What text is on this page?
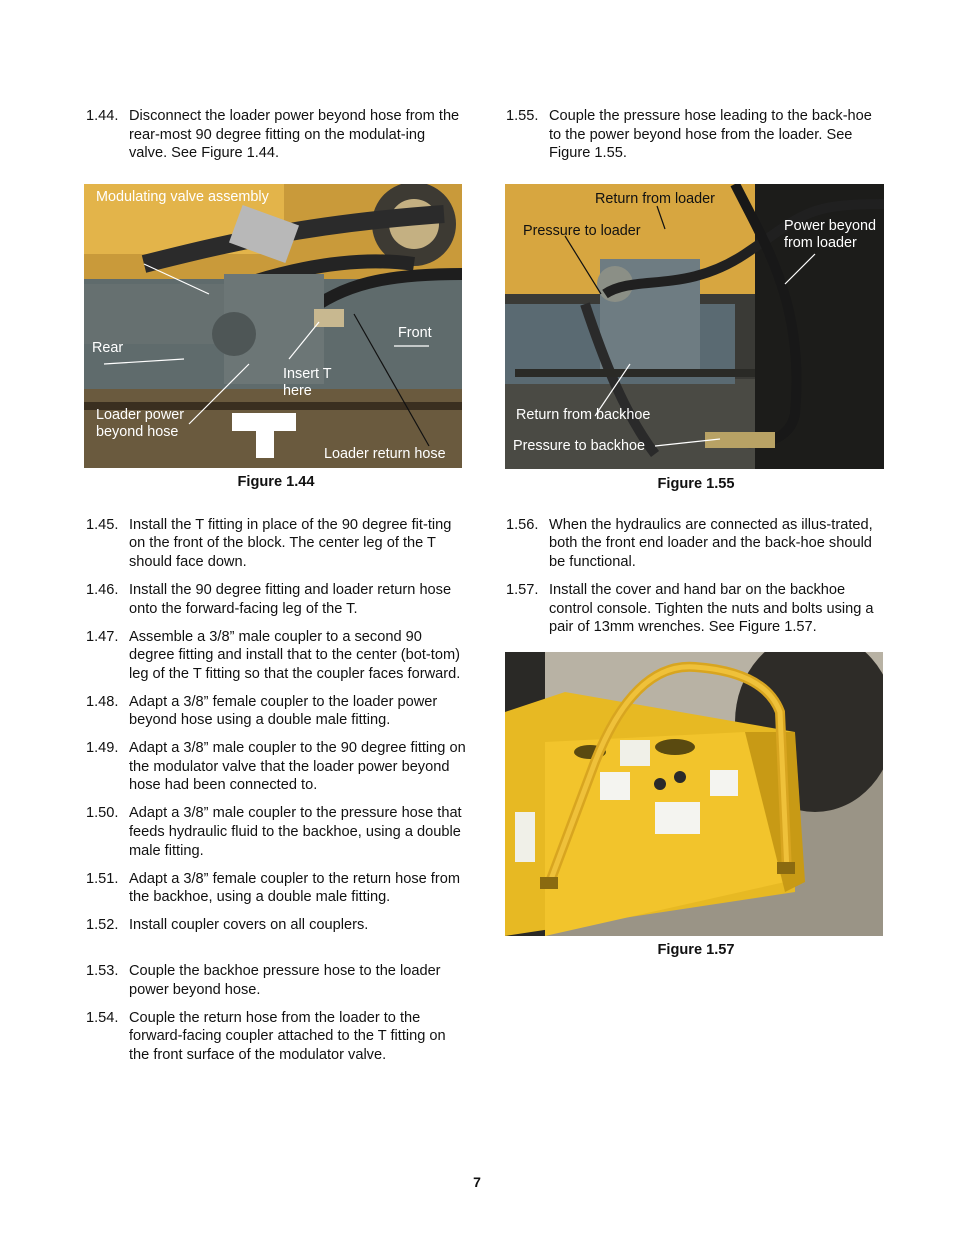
1.44. Disconnect the loader power beyond hose from the rear-most 90 degree fitting on the modulat-ing valve. See Figure 1.44.
Modulating valve assembly
Rear
Front
Insert T here
Loader power beyond hose
Loader return hose
Figure 1.44
1.45. Install the T fitting in place of the 90 degree fit-ting on the front of the block. The center leg of the T should face down.
1.46. Install the 90 degree fitting and loader return hose onto the forward-facing leg of the T.
1.47. Assemble a 3/8” male coupler to a second 90 degree fitting and install that to the center (bot-tom) leg of the T fitting so that the coupler faces forward.
1.48. Adapt a 3/8” female coupler to the loader power beyond hose using a double male fitting.
1.49. Adapt a 3/8” male coupler to the 90 degree fitting on the modulator valve that the loader power beyond hose had been connected to.
1.50. Adapt a 3/8” male coupler to the pressure hose that feeds hydraulic fluid to the backhoe, using a double male fitting.
1.51. Adapt a 3/8” female coupler to the return hose from the backhoe, using a double male fitting.
1.52. Install coupler covers on all couplers.
1.53. Couple the backhoe pressure hose to the loader power beyond hose.
1.54. Couple the return hose from the loader to the forward-facing coupler attached to the T fitting on the front surface of the modulator valve.
1.55. Couple the pressure hose leading to the back-hoe to the power beyond hose from the loader. See Figure 1.55.
Return from loader
Pressure to loader	Power beyond from loader
Return from backhoe
Pressure to backhoe
Figure 1.55
1.56. When the hydraulics are connected as illus-trated, both the front end loader and the back-hoe should be functional.
1.57. Install the cover and hand bar on the backhoe control console. Tighten the nuts and bolts using a pair of 13mm wrenches. See Figure 1.57.
Figure 1.57
7
